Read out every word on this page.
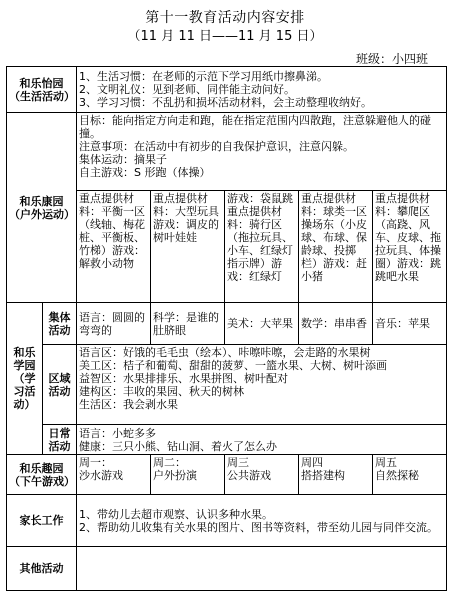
第十一教育活动内容安排
（11 月 11 日——11 月 15 日）
班级：小四班
和乐怡园（生活活动）		1、生活习惯：在老师的示范下学习用纸巾擦鼻涕。
2、文明礼仪：见到老师、同伴能主动问好。
3、学习习惯：不乱扔和损坏活动材料，会主动整理收纳好。				

和乐康园（户外运动）		目标：能向指定方向走和跑，能在指定范围内四散跑，注意躲避他人的碰撞。
注意事项：在活动中有初步的自我保护意识，注意闪躲。
集体运动：摘果子
自主游戏：S 形跑（体操）				

		重点提供材料：平衡一区（线轴、梅花桩、平衡板、竹梯）游戏：解救小动物	重点提供材料：大型玩具 游戏：调皮的树叶娃娃	游戏：袋鼠跳 重点提供材料：骑行区（拖拉玩具、小车、红绿灯指示牌）游戏：红绿灯	重点提供材料：球类一区 操场东（小皮球、布球、保龄球、投掷栏）游戏：赶小猪	重点提供材料：攀爬区（高跷、风车、皮球、拖拉玩具、体操圈）游戏：跳跳吧水果
和乐学园（学习活动）	集体活动	语言：圆圆的弯弯的	科学：是谁的肚脐眼	美术：大苹果	数学：串串香	音乐：苹果
	区域活动	语言区：好饿的毛毛虫（绘本）、咔嚓咔嚓，会走路的水果树
美工区：桔子和葡萄、甜甜的菠萝、一篮水果、大树、树叶添画
益智区：水果排排乐、水果拼图、树叶配对
建构区：丰收的果园、秋天的树林
生活区：我会剥水果				

	日常活动	语言：小蛇多多
健康：三只小熊、钻山洞、着火了怎么办				

和乐趣园（下午游戏）		周一：
沙水游戏	周二：
户外扮演	周三
公共游戏	周四
搭搭建构	周五
自然探秘

家长工作		1、带幼儿去超市观察、认识多种水果。
2、帮助幼儿收集有关水果的图片、图书等资料，带至幼儿园与同伴交流。				

其他活动						
